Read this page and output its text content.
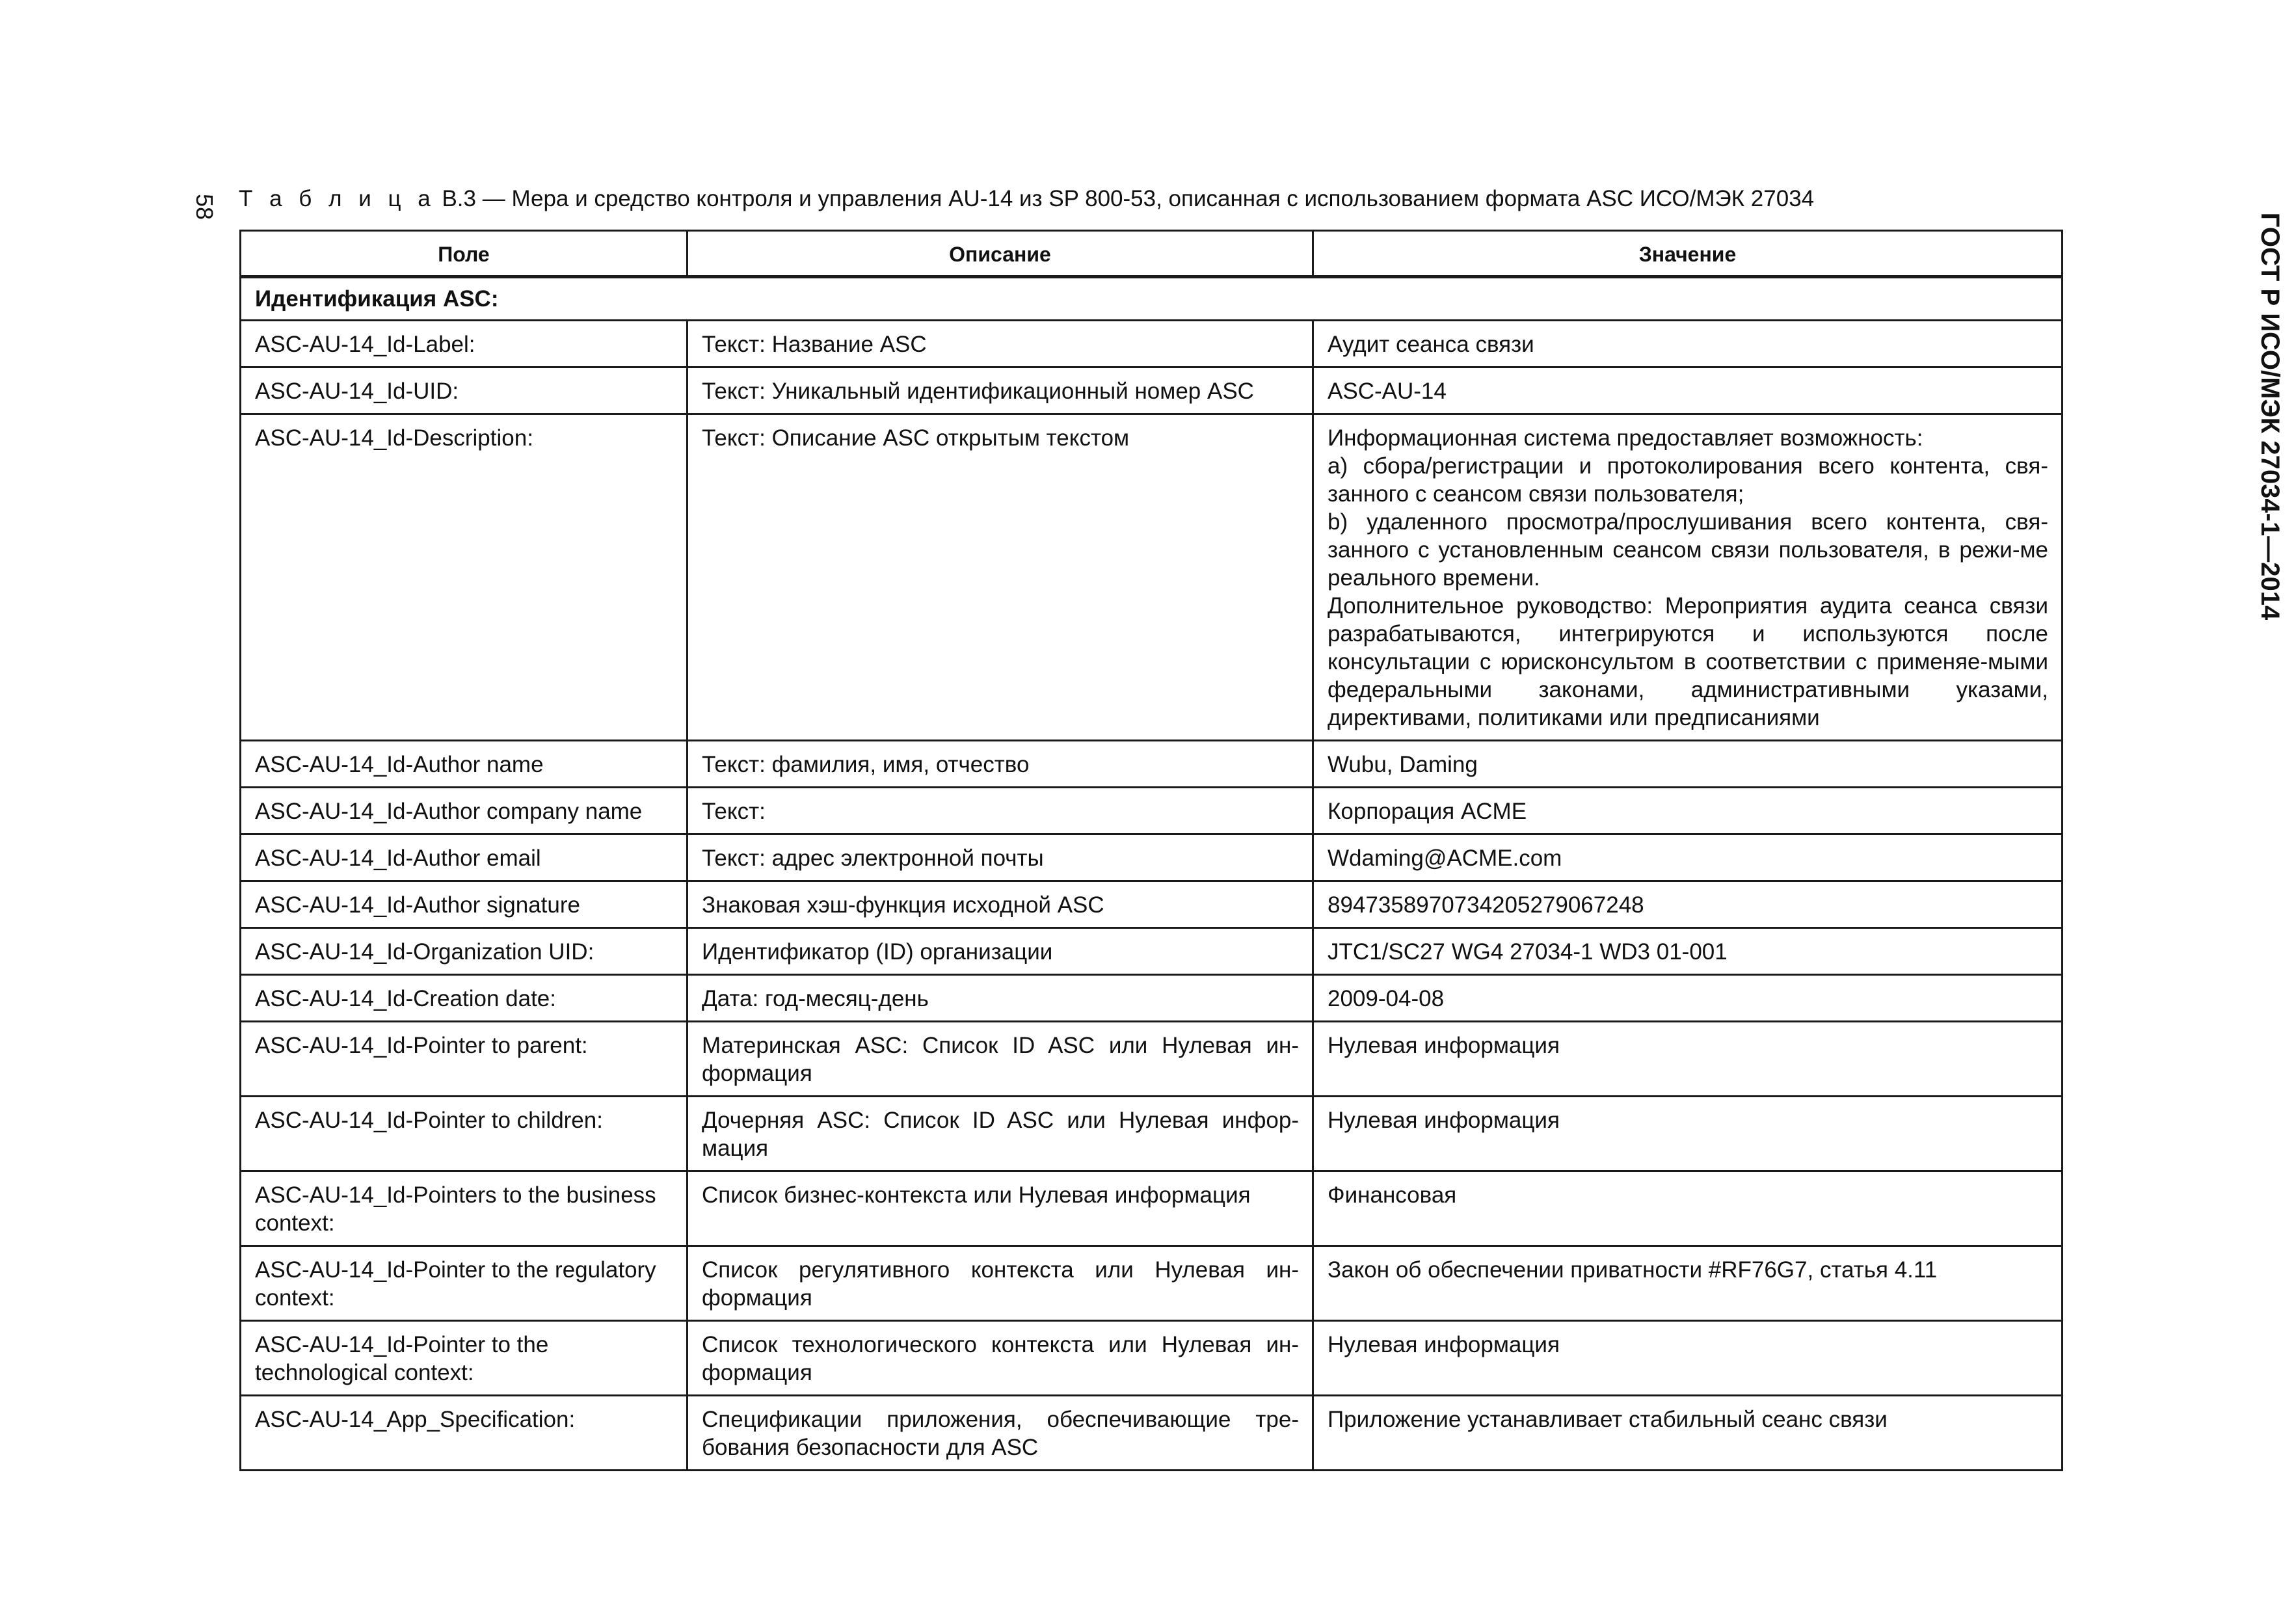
58
ГОСТ Р ИСО/МЭК 27034-1—2014
Т а б л и ц а В.3 — Мера и средство контроля и управления AU-14 из SP 800-53, описанная с использованием формата ASC ИСО/МЭК 27034
Поле	Описание	Значение
Идентификация ASC:		
ASC-AU-14_Id-Label:	Текст: Название ASC	Аудит сеанса связи

ASC-AU-14_Id-UID:	Текст: Уникальный идентификационный номер ASC	ASC-AU-14

ASC-AU-14_Id-Description:	Текст: Описание ASC открытым текстом	Информационная система предоставляет возможность:
a) сбора/регистрации и протоколирования всего контента, свя-занного с сеансом связи пользователя;
b) удаленного просмотра/прослушивания всего контента, свя-занного с установленным сеансом связи пользователя, в режи-ме реального времени.
Дополнительное руководство: Мероприятия аудита сеанса связи разрабатываются, интегрируются и используются после консультации с юрисконсультом в соответствии с применяе-мыми федеральными законами, административными указами, директивами, политиками или предписаниями

ASC-AU-14_Id-Author name	Текст: фамилия, имя, отчество	Wubu, Daming

ASC-AU-14_Id-Author company name	Текст:	Корпорация ACME

ASC-AU-14_Id-Author email	Текст: адрес электронной почты	Wdaming@ACME.com

ASC-AU-14_Id-Author signature	Знаковая хэш-функция исходной ASC	89473589707342052790672​48

ASC-AU-14_Id-Organization UID:	Идентификатор (ID) организации	JTC1/SC27 WG4 27034-1 WD3 01-001

ASC-AU-14_Id-Creation date:	Дата: год-месяц-день	2009-04-08

ASC-AU-14_Id-Pointer to parent:	Материнская ASC: Список ID ASC или Нулевая ин-формация	Нулевая информация

ASC-AU-14_Id-Pointer to children:	Дочерняя ASC: Список ID ASC или Нулевая инфор-мация	Нулевая информация

ASC-AU-14_Id-Pointers to the business context:	Список бизнес-контекста или Нулевая информация	Финансовая

ASC-AU-14_Id-Pointer to the regulatory context:	Список регулятивного контекста или Нулевая ин-формация	Закон об обеспечении приватности #RF76G7, статья 4.11

ASC-AU-14_Id-Pointer to the technological context:	Список технологического контекста или Нулевая ин-формация	Нулевая информация

ASC-AU-14_App_Specification:	Спецификации приложения, обеспечивающие тре-бования безопасности для ASC	Приложение устанавливает стабильный сеанс связи
